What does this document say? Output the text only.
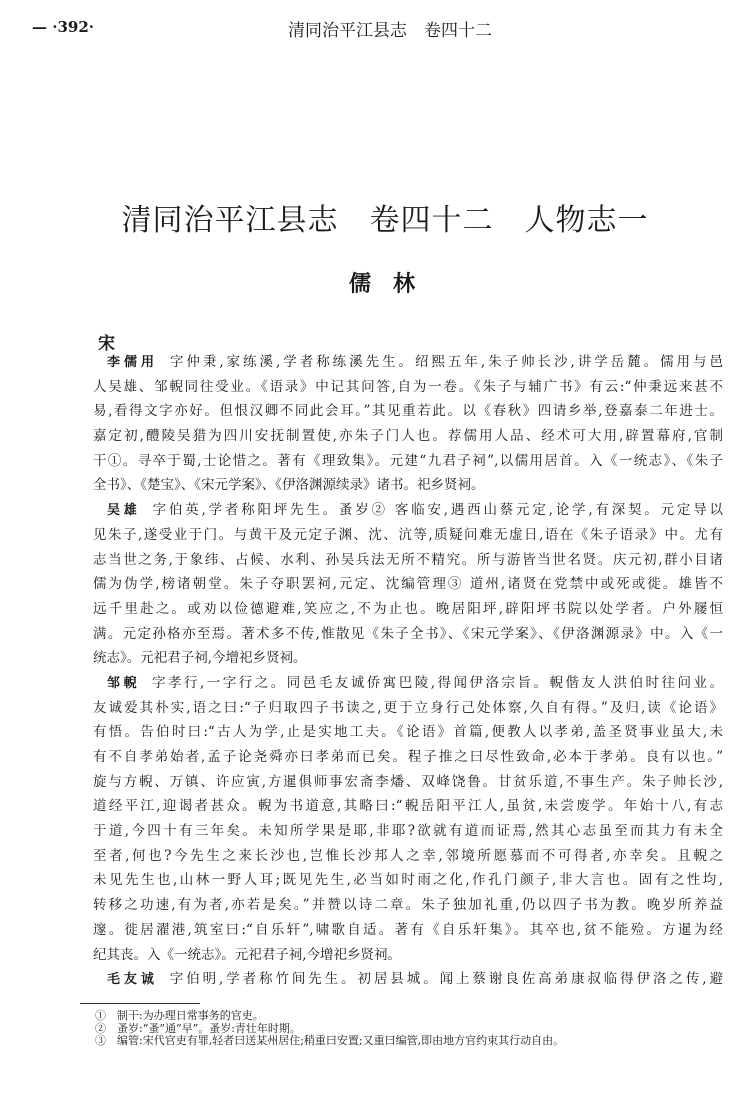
— ·392·	清同治平江县志　卷四十二
清同治平江县志　卷四十二　人物志一
儒　林
宋
李儒用 字仲秉,家练溪,学者称练溪先生。绍熙五年,朱子帅长沙,讲学岳麓。儒用与邑
人吴雄、邹輗同往受业。《语录》中记其问答,自为一卷。《朱子与辅广书》有云:“仲秉远来甚不
易,看得文字亦好。但恨汉卿不同此会耳。”其见重若此。以《春秋》四请乡举,登嘉泰二年进士。
嘉定初,醴陵吴猎为四川安抚制置使,亦朱子门人也。荐儒用人品、经术可大用,辟置幕府,官制
干①。寻卒于蜀,士论惜之。著有《理致集》。元建“九君子祠”,以儒用居首。入《一统志》、《朱子
全书》、《楚宝》、《宋元学案》、《伊洛渊源续录》诸书。祀乡贤祠。
吴雄 字伯英,学者称阳坪先生。蚤岁② 客临安,遇西山蔡元定,论学,有深契。元定导以
见朱子,遂受业于门。与黄干及元定子渊、沈、沆等,质疑问难无虚日,语在《朱子语录》中。尤有
志当世之务,于象纬、占候、水利、孙吴兵法无所不精究。所与游皆当世名贤。庆元初,群小目诸
儒为伪学,榜诸朝堂。朱子夺职罢祠,元定、沈编管理③ 道州,诸贤在党禁中或死或徙。雄皆不
远千里赴之。或劝以俭德避难,笑应之,不为止也。晚居阳坪,辟阳坪书院以处学者。户外屦恒
满。元定孙格亦至焉。著术多不传,惟散见《朱子全书》、《宋元学案》、《伊洛渊源录》中。入《一
统志》。元祀君子祠,今增祀乡贤祠。
邹輗 字孝行,一字行之。同邑毛友诚侨寓巴陵,得闻伊洛宗旨。輗偕友人洪伯时往问业。
友诚爱其朴实,语之曰:“子归取四子书读之,更于立身行己处体察,久自有得。”及归,读《论语》
有悟。告伯时曰:“古人为学,止是实地工夫。《论语》首篇,便教人以孝弟,盖圣贤事业虽大,未
有不自孝弟始者,孟子论尧舜亦曰孝弟而已矣。程子推之曰尽性致命,必本于孝弟。良有以也。”
旋与方輗、万镇、许应寅,方暹俱师事宏斋李燔、双峰饶鲁。甘贫乐道,不事生产。朱子帅长沙,
道经平江,迎谒者甚众。輗为书道意,其略曰:“輗岳阳平江人,虽贫,未尝废学。年始十八,有志
于道,今四十有三年矣。未知所学果是耶,非耶?欲就有道而证焉,然其心志虽至而其力有未全
至者,何也?今先生之来长沙也,岂惟长沙邦人之幸,邻境所愿慕而不可得者,亦幸矣。且輗之
未见先生也,山林一野人耳;既见先生,必当如时雨之化,作孔门颜子,非大言也。固有之性均,
转移之功速,有为者,亦若是矣。”并赞以诗二章。朱子独加礼重,仍以四子书为教。晚岁所养益
邃。徙居濯港,筑室曰:“自乐轩”,啸歌自适。著有《自乐轩集》。其卒也,贫不能殓。方暹为经
纪其丧。入《一统志》。元祀君子祠,今增祀乡贤祠。
毛友诚 字伯明,学者称竹间先生。初居县城。闻上蔡谢良佐高弟康叔临得伊洛之传,避
①　制干:为办理日常事务的官吏。
②　蚤岁:“蚤”通“早”。蚤岁:青壮年时期。
③　编管:宋代官吏有罪,轻者曰送某州居住;稍重曰安置;又重曰编管,即由地方官约束其行动自由。
